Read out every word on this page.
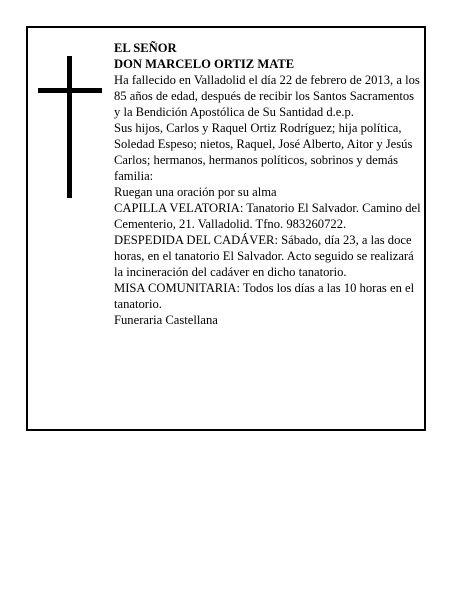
EL SEÑOR

DON MARCELO ORTIZ MATE

Ha fallecido en Valladolid el día 22 de febrero de 2013, a los 85 años de edad, después de recibir los Santos Sacramentos y la Bendición Apostólica de Su Santidad d.e.p.

Sus hijos, Carlos y Raquel Ortiz Rodríguez; hija política, Soledad Espeso; nietos, Raquel, José Alberto, Aitor y Jesús Carlos; hermanos, hermanos políticos, sobrinos y demás familia:

Ruegan una oración por su alma

CAPILLA VELATORIA: Tanatorio El Salvador. Camino del Cementerio, 21. Valladolid. Tfno. 983260722.

DESPEDIDA DEL CADÁVER: Sábado, día 23, a las doce horas, en el tanatorio El Salvador. Acto seguido se realizará la incineración del cadáver en dicho tanatorio.

MISA COMUNITARIA: Todos los días a las 10 horas en el tanatorio.

Funeraria Castellana
